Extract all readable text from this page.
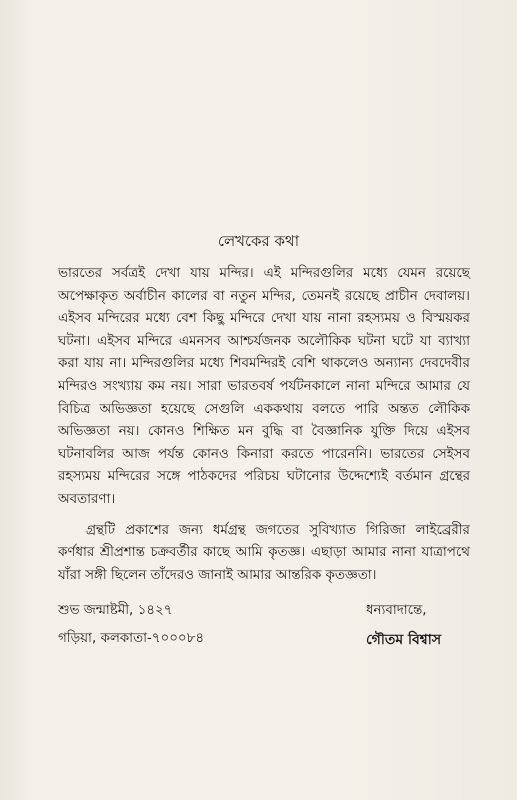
লেখকের কথা
ভারতের সর্বত্রই দেখা যায় মন্দির। এই মন্দিরগুলির মধ্যে যেমন রয়েছে
অপেক্ষাকৃত অর্বাচীন কালের বা নতুন মন্দির, তেমনই রয়েছে প্রাচীন দেবালয়।
এইসব মন্দিরের মধ্যে বেশ কিছু মন্দিরে দেখা যায় নানা রহস্যময় ও বিস্ময়কর
ঘটনা। এইসব মন্দিরে এমনসব আশ্চর্যজনক অলৌকিক ঘটনা ঘটে যা ব্যাখ্যা
করা যায় না। মন্দিরগুলির মধ্যে শিবমন্দিরই বেশি থাকলেও অন্যান্য দেবদেবীর
মন্দিরও সংখ্যায় কম নয়। সারা ভারতবর্ষ পর্যটনকালে নানা মন্দিরে আমার যে
বিচিত্র অভিজ্ঞতা হয়েছে সেগুলি এককথায় বলতে পারি অন্তত লৌকিক
অভিজ্ঞতা নয়। কোনও শিক্ষিত মন বুদ্ধি বা বৈজ্ঞানিক যুক্তি দিয়ে এইসব
ঘটনাবলির আজ পর্যন্ত কোনও কিনারা করতে পারেননি। ভারতের সেইসব
রহস্যময় মন্দিরের সঙ্গে পাঠকদের পরিচয় ঘটানোর উদ্দেশ্যেই বর্তমান গ্রন্থের
অবতারণা।
গ্রন্থটি প্রকাশের জন্য ধর্মগ্রন্থ জগতের সুবিখ্যাত গিরিজা লাইব্রেরীর
কর্ণধার শ্রীপ্রশান্ত চক্রবর্তীর কাছে আমি কৃতজ্ঞ। এছাড়া আমার নানা যাত্রাপথে
যাঁরা সঙ্গী ছিলেন তাঁদেরও জানাই আমার আন্তরিক কৃতজ্ঞতা।
শুভ জন্মাষ্টমী, ১৪২৭
গড়িয়া, কলকাতা-৭০০০৮৪
ধন্যবাদান্তে,
গৌতম বিশ্বাস
